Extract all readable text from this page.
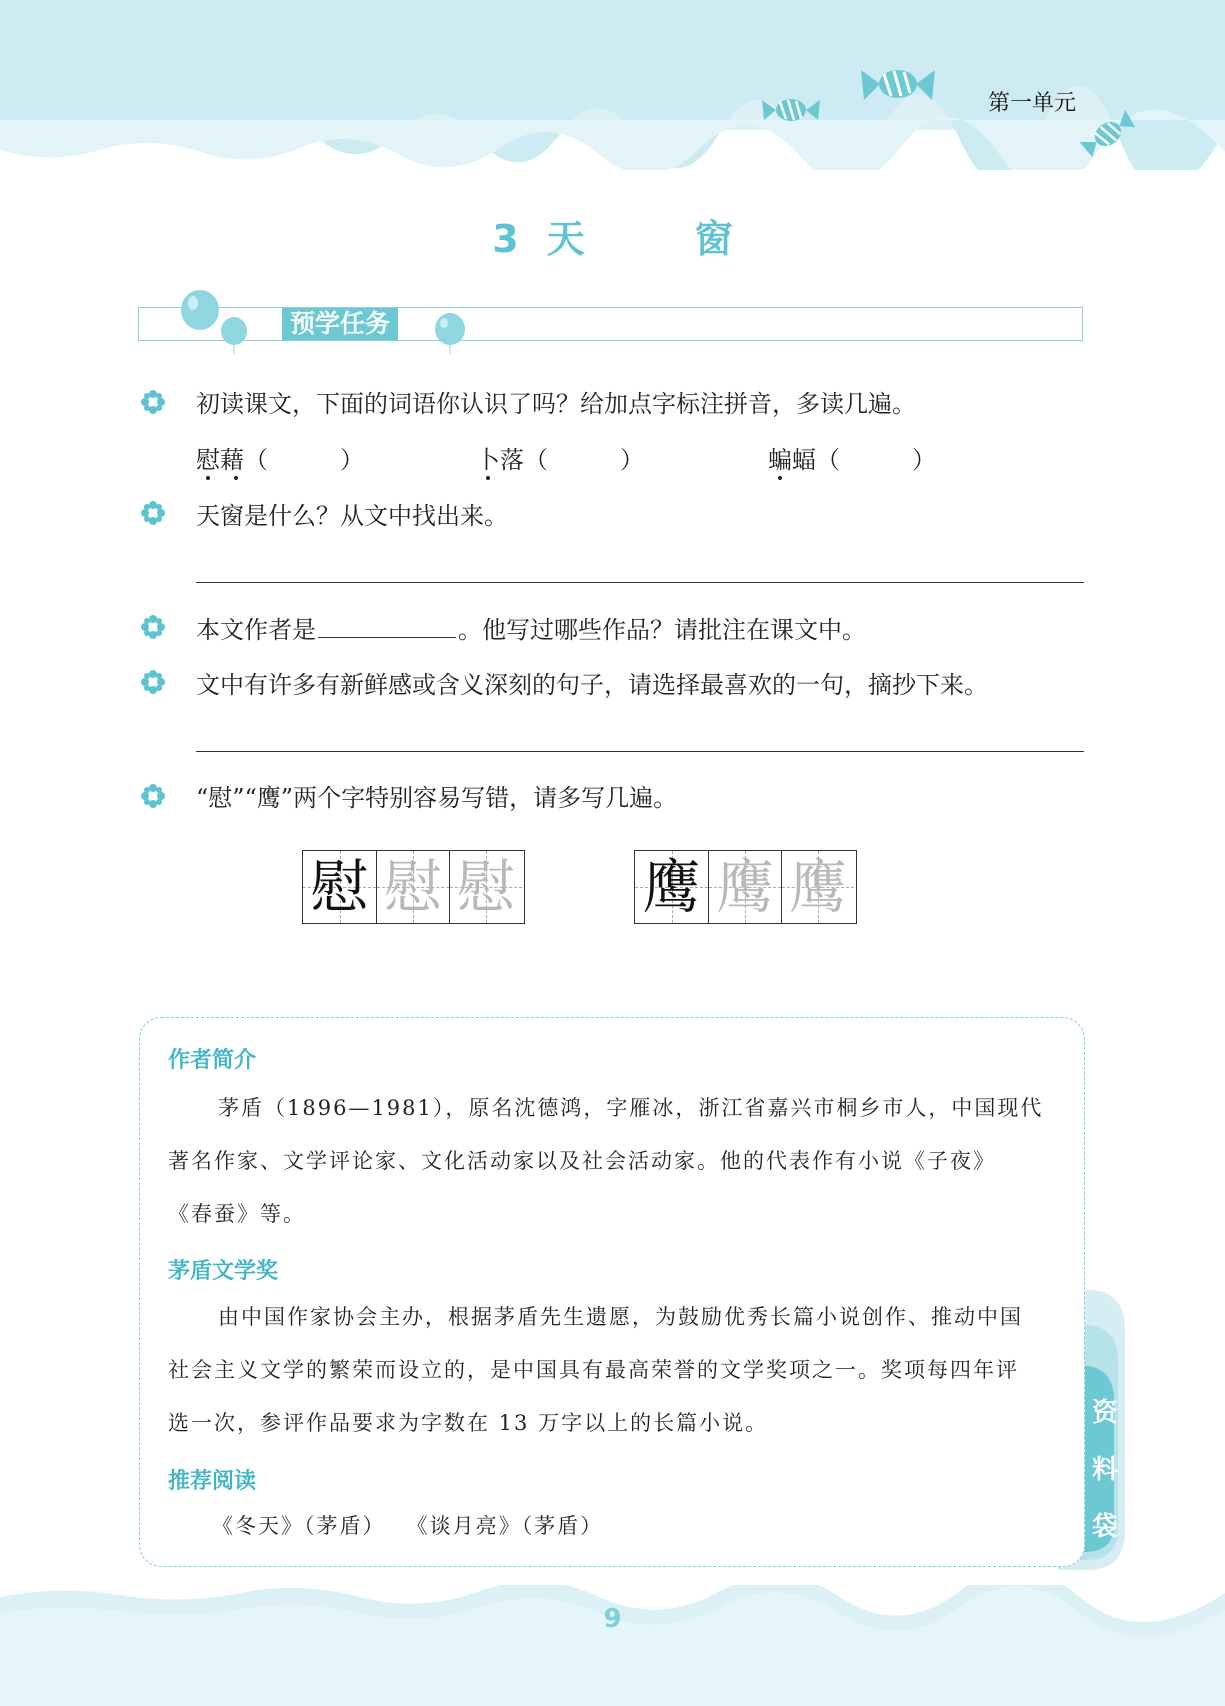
第一单元
3 天	窗
预学任务
初读课文，下面的词语你认识了吗？给加点字标注拼音，多读几遍。
慰藉（　　　）	卜落（　　　）	蝙蝠（　　　）
天窗是什么？从文中找出来。
本文作者是	。他写过哪些作品？请批注在课文中。
文中有许多有新鲜感或含义深刻的句子，请选择最喜欢的一句，摘抄下来。
“慰”“鹰”两个字特别容易写错，请多写几遍。
慰 慰 慰 鹰 鹰 鹰
资
料
袋
作者简介
茅盾（1896—1981），原名沈德鸿，字雁冰，浙江省嘉兴市桐乡市人，中国现代
著名作家、文学评论家、文化活动家以及社会活动家。他的代表作有小说《子夜》
《春蚕》等。
茅盾文学奖
由中国作家协会主办，根据茅盾先生遗愿，为鼓励优秀长篇小说创作、推动中国
社会主义文学的繁荣而设立的，是中国具有最高荣誉的文学奖项之一。奖项每四年评
选一次，参评作品要求为字数在 13 万字以上的长篇小说。
推荐阅读
《冬天》（茅盾）　 《谈月亮》（茅盾）
9
